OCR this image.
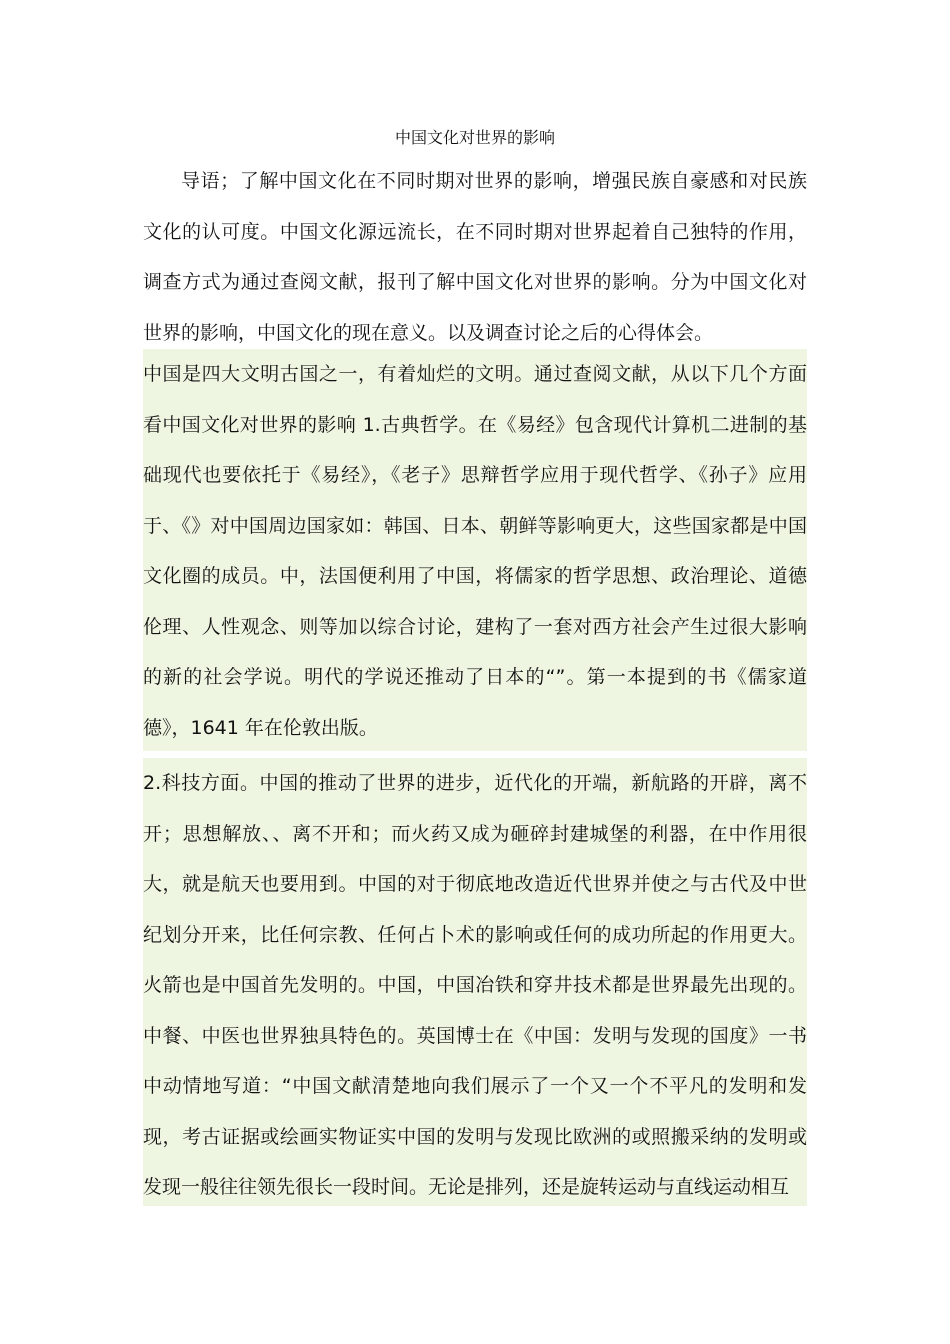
中国文化对世界的影响

导语；了解中国文化在不同时期对世界的影响，增强民族自豪感和对民族文化的认可度。中国文化源远流长，在不同时期对世界起着自己独特的作用，调查方式为通过查阅文献，报刊了解中国文化对世界的影响。分为中国文化对世界的影响，中国文化的现在意义。以及调查讨论之后的心得体会。

中国是四大文明古国之一，有着灿烂的文明。通过查阅文献，从以下几个方面看中国文化对世界的影响 1.古典哲学。在《易经》包含现代计算机二进制的基础现代也要依托于《易经》，《老子》思辩哲学应用于现代哲学、《孙子》应用于、《》对中国周边国家如：韩国、日本、朝鲜等影响更大，这些国家都是中国文化圈的成员。中，法国便利用了中国，将儒家的哲学思想、政治理论、道德伦理、人性观念、则等加以综合讨论，建构了一套对西方社会产生过很大影响的新的社会学说。明代的学说还推动了日本的“”。第一本提到的书《儒家道德》，1641 年在伦敦出版。

2.科技方面。中国的推动了世界的进步，近代化的开端，新航路的开辟，离不开；思想解放、、离不开和；而火药又成为砸碎封建城堡的利器，在中作用很大，就是航天也要用到。中国的对于彻底地改造近代世界并使之与古代及中世纪划分开来，比任何宗教、任何占卜术的影响或任何的成功所起的作用更大。火箭也是中国首先发明的。中国，中国冶铁和穿井技术都是世界最先出现的。中餐、中医也世界独具特色的。英国博士在《中国：发明与发现的国度》一书中动情地写道：“中国文献清楚地向我们展示了一个又一个不平凡的发明和发现，考古证据或绘画实物证实中国的发明与发现比欧洲的或照搬采纳的发明或发现一般往往领先很长一段时间。无论是排列，还是旋转运动与直线运动相互
